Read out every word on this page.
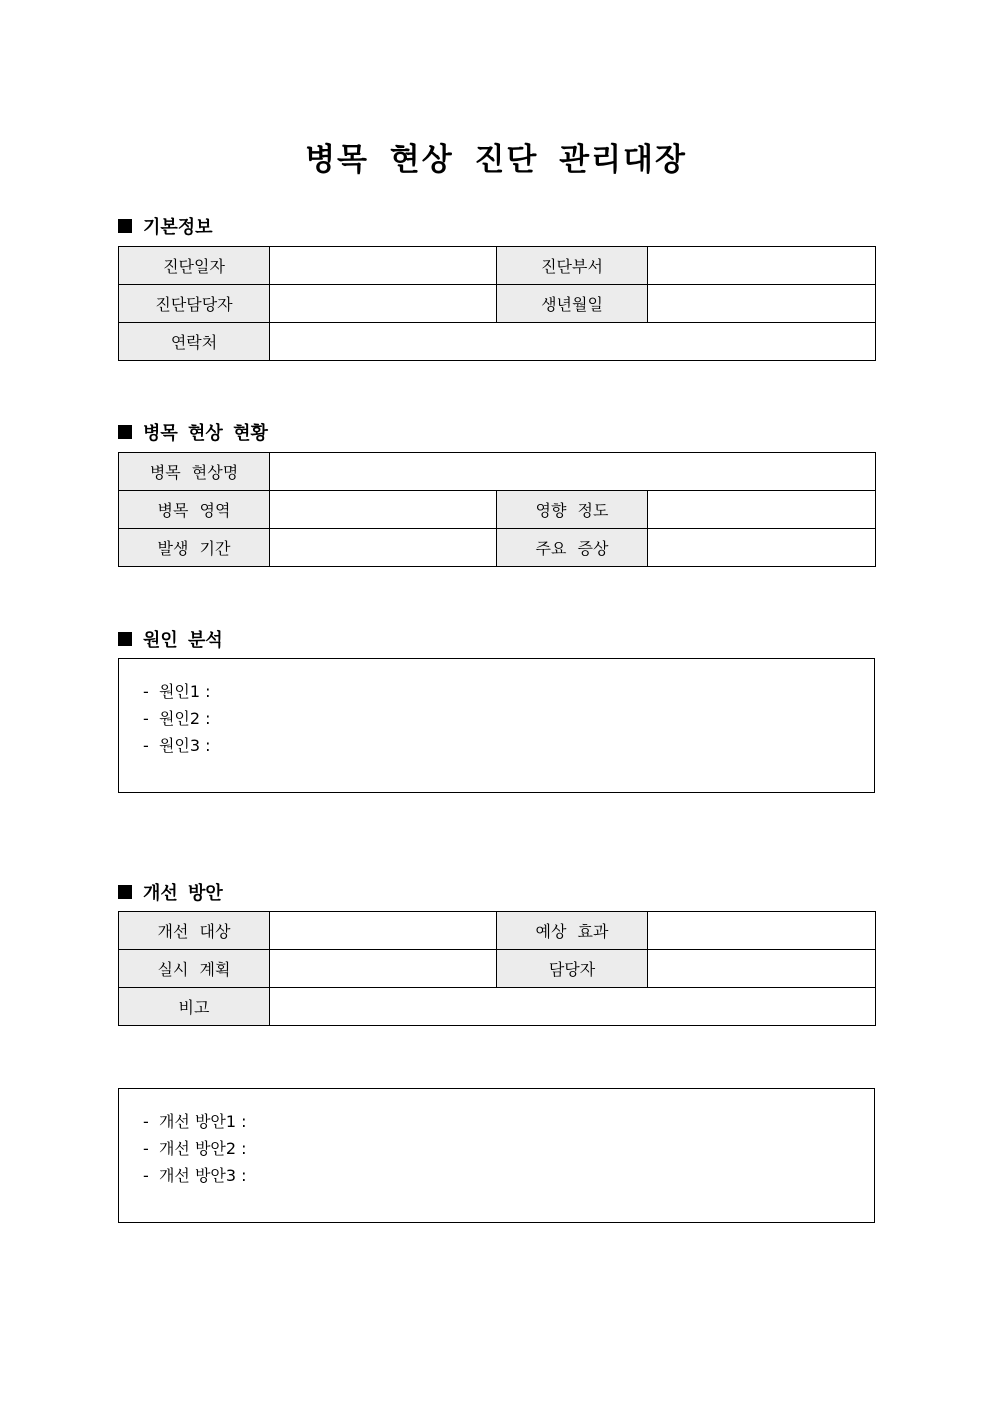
병목 현상 진단 관리대장
기본정보
진단일자		진단부서	
진단담당자		생년월일	
연락처			
병목 현상 현황
병목 현상명			
병목 영역		영향 정도	
발생 기간		주요 증상	
원인 분석
-  원인1 :
-  원인2 :
-  원인3 :
개선 방안
개선 대상		예상 효과	
실시 계획		담당자	
비고			
-  개선 방안1 :
-  개선 방안2 :
-  개선 방안3 :
